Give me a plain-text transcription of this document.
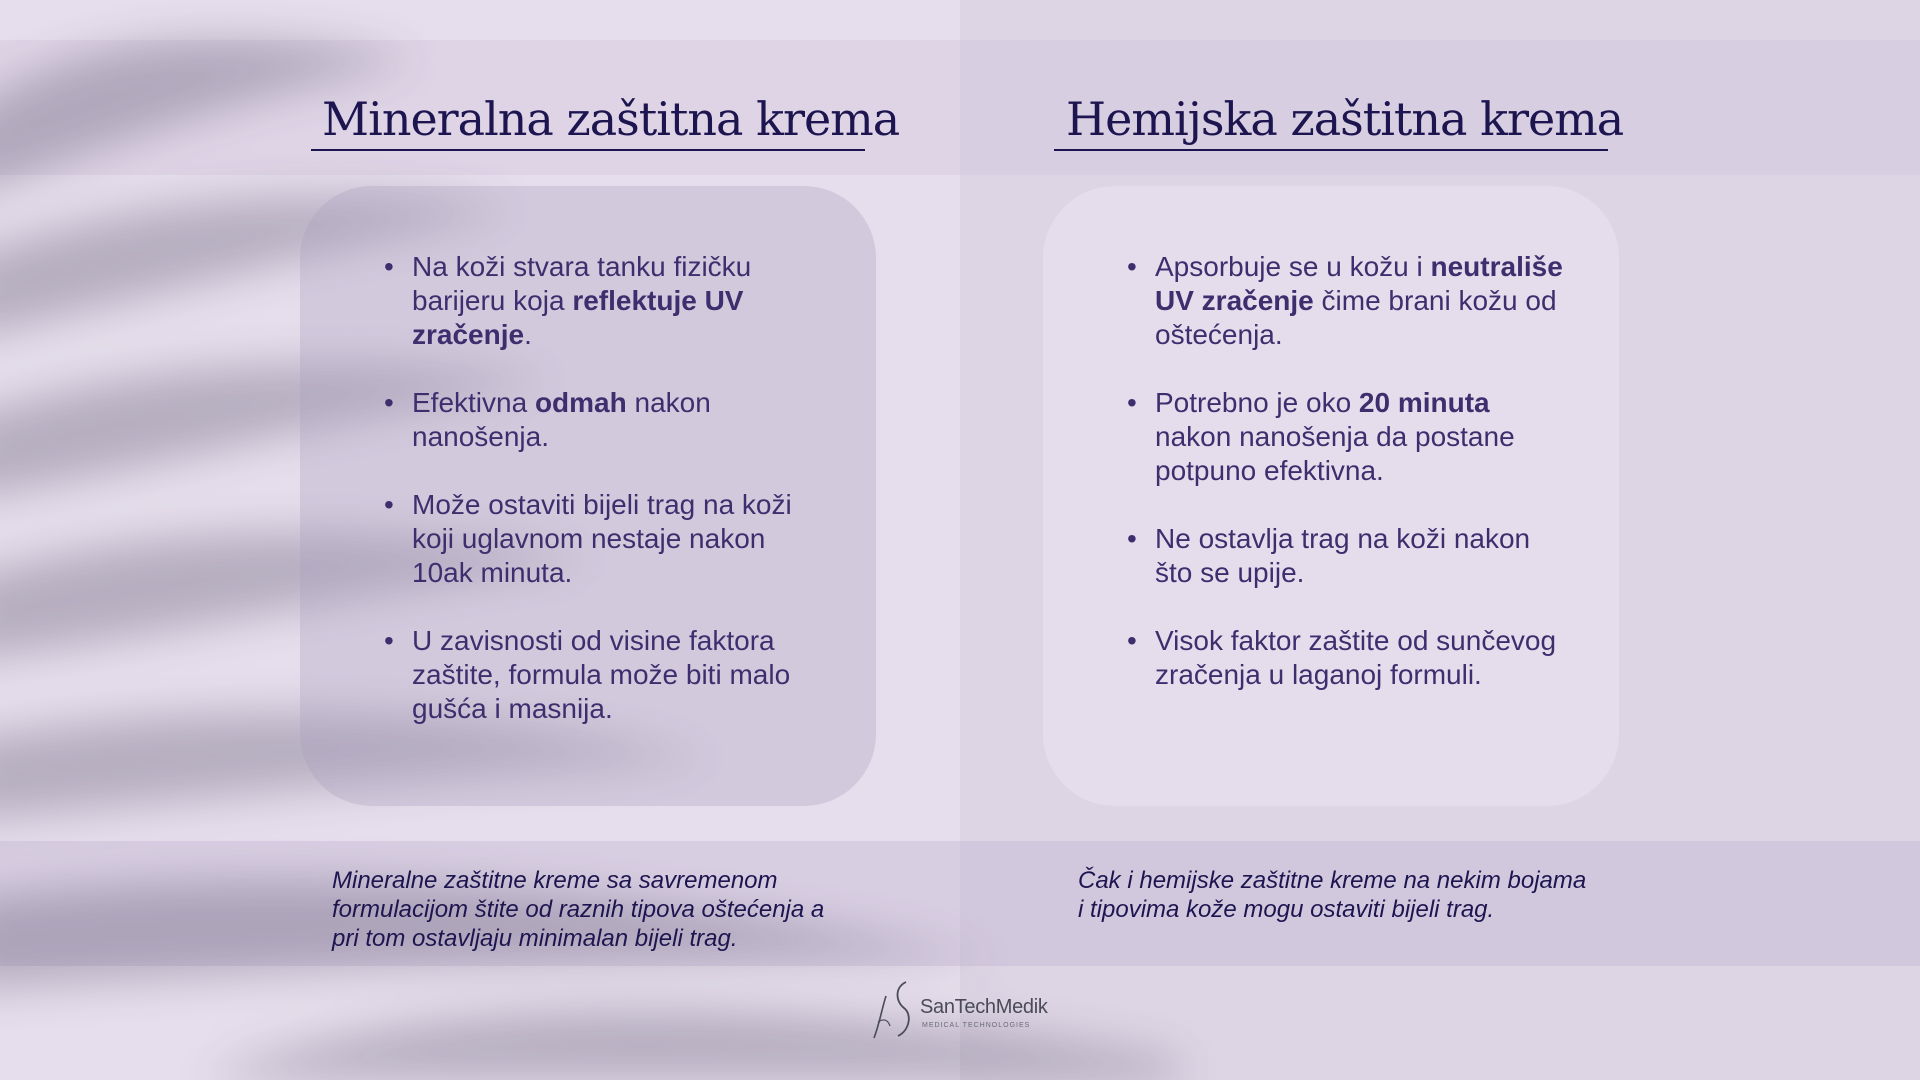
Mineralna zaštitna krema	Hemijska zaštitna krema
• Na koži stvara tanku fizičku barijeru koja reflektuje UV zračenje.
• Efektivna odmah nakon nanošenja.
• Može ostaviti bijeli trag na koži koji uglavnom nestaje nakon 10ak minuta.
• U zavisnosti od visine faktora zaštite, formula može biti malo gušća i masnija.
• Apsorbuje se u kožu i neutrališe UV zračenje čime brani kožu od oštećenja.
• Potrebno je oko 20 minuta nakon nanošenja da postane potpuno efektivna.
• Ne ostavlja trag na koži nakon što se upije.
• Visok faktor zaštite od sunčevog zračenja u laganoj formuli.
Mineralne zaštitne kreme sa savremenom formulacijom štite od raznih tipova oštećenja a pri tom ostavljaju minimalan bijeli trag.
Čak i hemijske zaštitne kreme na nekim bojama i tipovima kože mogu ostaviti bijeli trag.
SanTechMedik
MEDICAL TECHNOLOGIES
